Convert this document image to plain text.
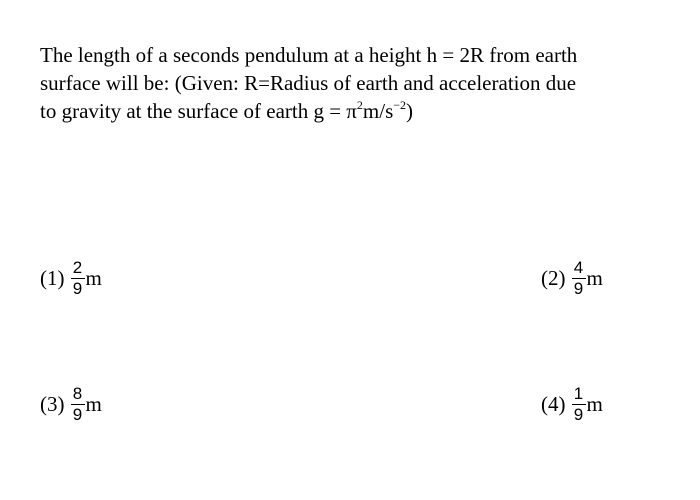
The length of a seconds pendulum at a height h = 2R from earth
surface will be: (Given: R=Radius of earth and acceleration due
to gravity at the surface of earth $g = \pi^2m/s^{-2}$)
$(1) \frac{2}{9}$ m	$(2) \frac{4}{9}$ m
$(3) \frac{8}{9}$ m	$(4) \frac{1}{9}$ m
